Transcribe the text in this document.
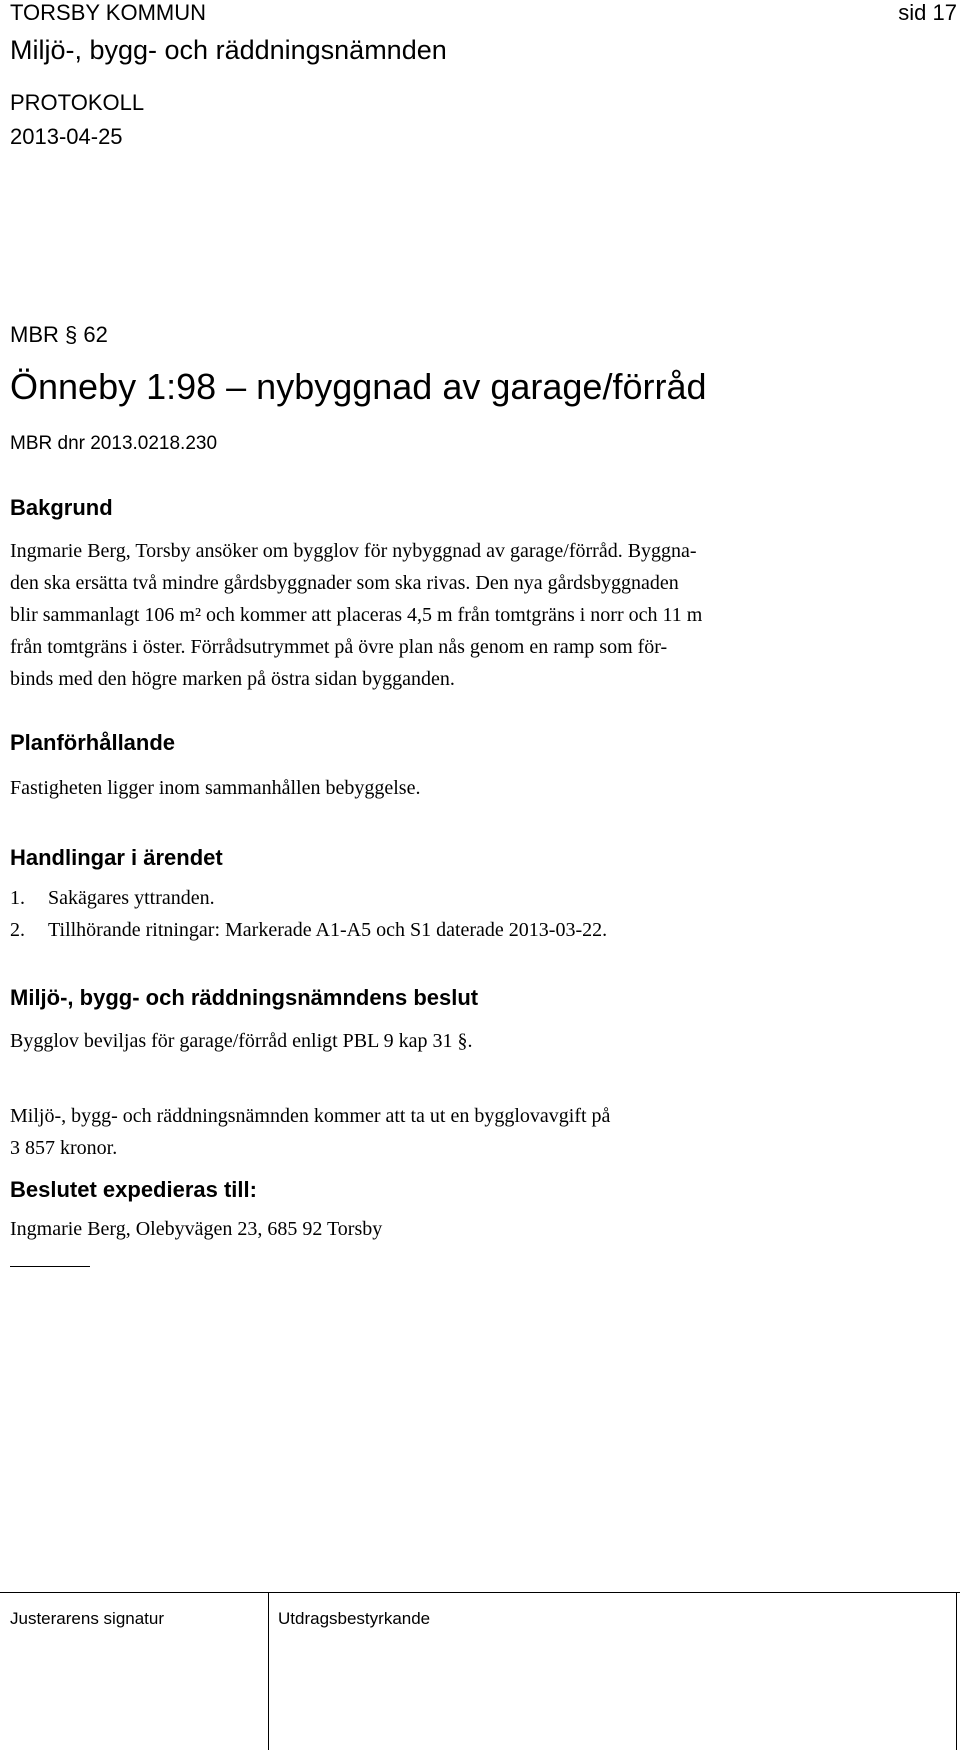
TORSBY KOMMUN	sid 17
Miljö-, bygg- och räddningsnämnden
PROTOKOLL
2013-04-25
MBR § 62
Önneby 1:98 – nybyggnad av garage/förråd
MBR dnr 2013.0218.230
Bakgrund
Ingmarie Berg, Torsby ansöker om bygglov för nybyggnad av garage/förråd. Byggna-
den ska ersätta två mindre gårdsbyggnader som ska rivas. Den nya gårdsbyggnaden
blir sammanlagt 106 m² och kommer att placeras 4,5 m från tomtgräns i norr och 11 m
från tomtgräns i öster. Förrådsutrymmet på övre plan nås genom en ramp som för-
binds med den högre marken på östra sidan bygganden.
Planförhållande
Fastigheten ligger inom sammanhållen bebyggelse.
Handlingar i ärendet
1.	Sakägares yttranden.
2.	Tillhörande ritningar: Markerade A1-A5 och S1 daterade 2013-03-22.
Miljö-, bygg- och räddningsnämndens beslut
Bygglov beviljas för garage/förråd enligt PBL 9 kap 31 §.
Miljö-, bygg- och räddningsnämnden kommer att ta ut en bygglovavgift på
3 857 kronor.
Beslutet expedieras till:
Ingmarie Berg, Olebyvägen 23, 685 92 Torsby
Justerarens signatur	Utdragsbestyrkande
